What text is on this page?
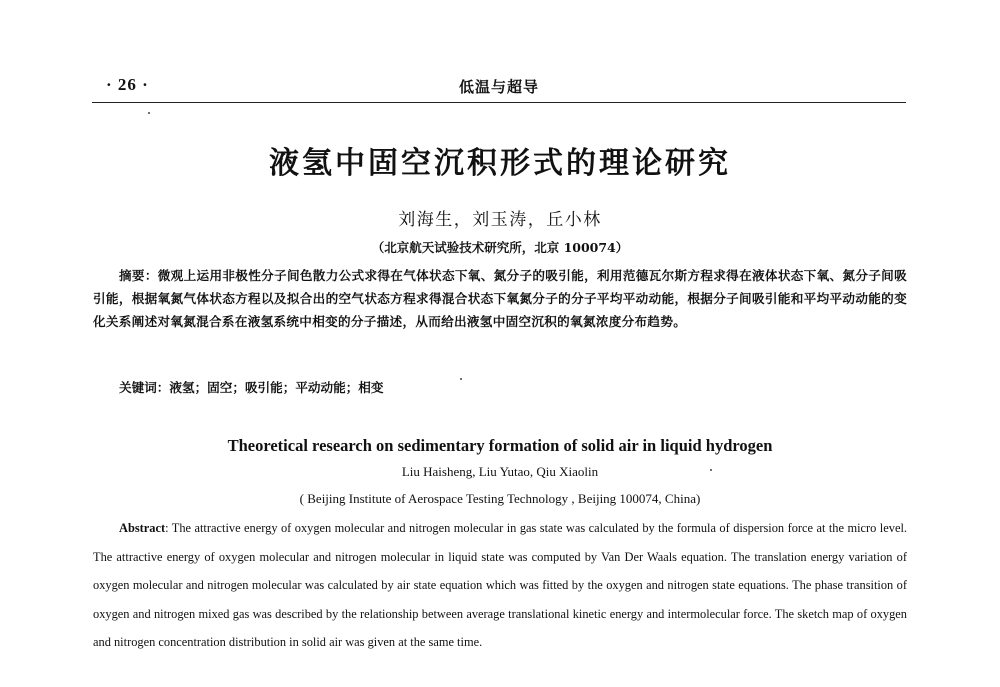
· 26 ·	低温与超导
液氢中固空沉积形式的理论研究
刘海生，刘玉涛，丘小林
（北京航天试验技术研究所，北京 100074）
摘要：微观上运用非极性分子间色散力公式求得在气体状态下氧、氮分子的吸引能，利用范德瓦尔斯方程求得在液体状态下氧、氮分子间吸引能，根据氧氮气体状态方程以及拟合出的空气状态方程求得混合状态下氧氮分子的分子平均平动动能，根据分子间吸引能和平均平动动能的变化关系阐述对氧氮混合系在液氢系统中相变的分子描述，从而给出液氢中固空沉积的氧氮浓度分布趋势。
关键词：液氢；固空；吸引能；平动动能；相变
Theoretical research on sedimentary formation of solid air in liquid hydrogen
Liu Haisheng, Liu Yutao, Qiu Xiaolin
( Beijing Institute of Aerospace Testing Technology , Beijing 100074, China)
Abstract: The attractive energy of oxygen molecular and nitrogen molecular in gas state was calculated by the formula of dispersion force at the micro level. The attractive energy of oxygen molecular and nitrogen molecular in liquid state was computed by Van Der Waals equation. The translation energy variation of oxygen molecular and nitrogen molecular was calculated by air state equation which was fitted by the oxygen and nitrogen state equations. The phase transition of oxygen and nitrogen mixed gas was described by the relationship between average translational kinetic energy and intermolecular force. The sketch map of oxygen and nitrogen concentration distribution in solid air was given at the same time.
